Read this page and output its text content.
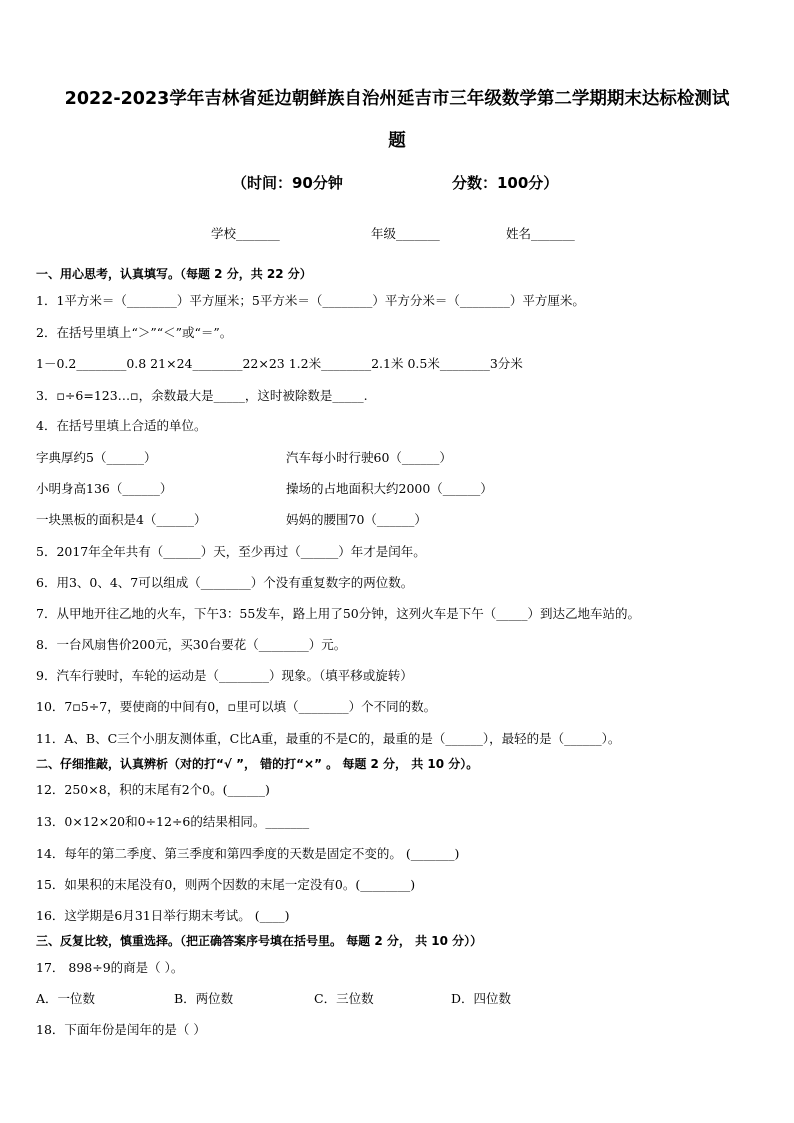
2022-2023学年吉林省延边朝鲜族自治州延吉市三年级数学第二学期期末达标检测试
题
（时间：90分钟	分数：100分）
学校_______	年级_______	姓名_______
一、用心思考，认真填写。（每题 2 分，共 22 分）
1．1平方米＝（________）平方厘米；5平方米＝（________）平方分米＝（________）平方厘米。
2．在括号里填上“＞”“＜”或“＝”。
1－0.2________0.8 21×24________22×23 1.2米________2.1米 0.5米________3分米
3．▫÷6=123…▫，余数最大是_____，这时被除数是_____.
4．在括号里填上合适的单位。
字典厚约5（______）	汽车每小时行驶60（______）
小明身高136（______）	操场的占地面积大约2000（______）
一块黑板的面积是4（______）	妈妈的腰围70（______）
5．2017年全年共有（______）天，至少再过（______）年才是闰年。
6．用3、0、4、7可以组成（________）个没有重复数字的两位数。
7．从甲地开往乙地的火车，下午3：55发车，路上用了50分钟，这列火车是下午（_____）到达乙地车站的。
8．一台风扇售价200元，买30台要花（________）元。
9．汽车行驶时，车轮的运动是（________）现象。（填平移或旋转）
10．7▫5÷7，要使商的中间有0，▫里可以填（________）个不同的数。
11．A、B、C三个小朋友测体重，C比A重，最重的不是C的，最重的是（______），最轻的是（______）。
二、仔细推敲，认真辨析（对的打“√ ”， 错的打“×” 。 每题 2 分， 共 10 分）。
12．250×8，积的末尾有2个0。(______)
13．0×12×20和0÷12÷6的结果相同。_______
14．每年的第二季度、第三季度和第四季度的天数是固定不变的。 (_______)
15．如果积的末尾没有0，则两个因数的末尾一定没有0。(________)
16．这学期是6月31日举行期末考试。 (____)
三、反复比较，慎重选择。（把正确答案序号填在括号里。 每题 2 分， 共 10 分））
17． 898÷9的商是（ ）。
A．一位数	B．两位数	C．三位数	D．四位数
18．下面年份是闰年的是（ ）
